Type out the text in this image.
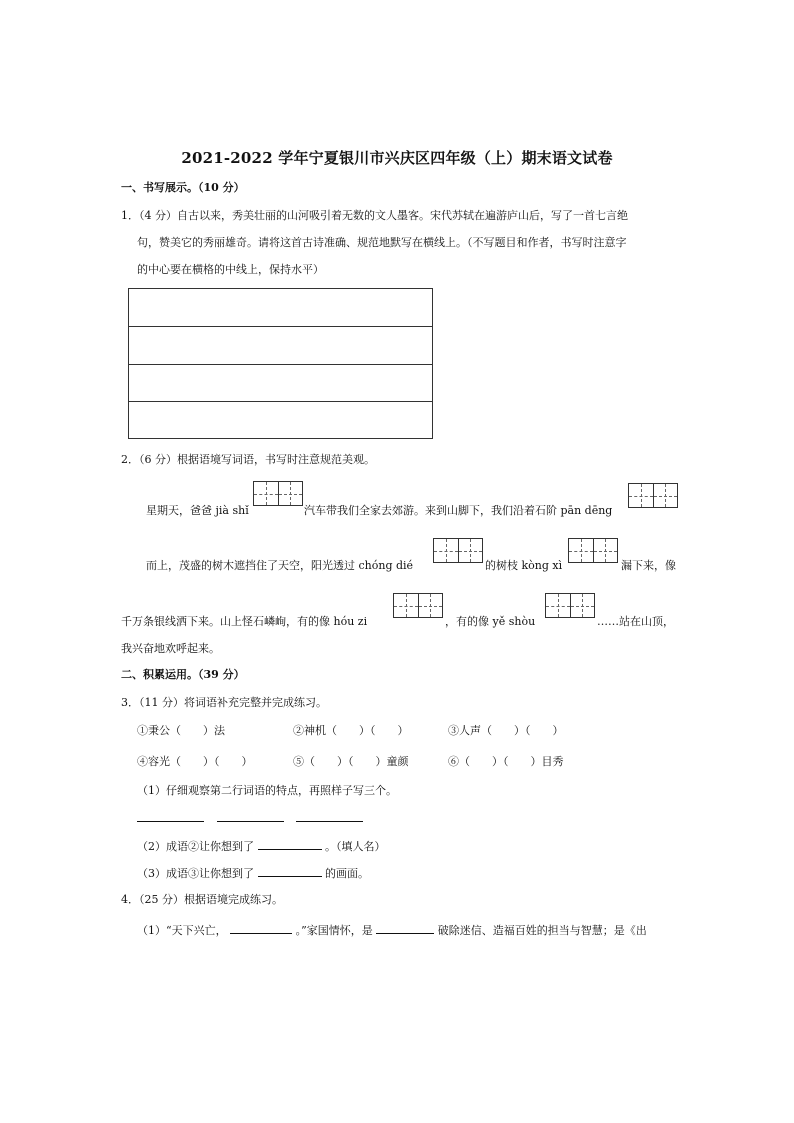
2021-2022 学年宁夏银川市兴庆区四年级（上）期末语文试卷
一、书写展示。（10 分）
1．（4 分）自古以来，秀美壮丽的山河吸引着无数的文人墨客。宋代苏轼在遍游庐山后，写了一首七言绝
句，赞美它的秀丽雄奇。请将这首古诗准确、规范地默写在横线上。（不写题目和作者，书写时注意字
的中心要在横格的中线上，保持水平）
2．（6 分）根据语境写词语，书写时注意规范美观。
星期天，爸爸 jià shǐ	汽车带我们全家去郊游。来到山脚下，我们沿着石阶 pān dēng
而上，茂盛的树木遮挡住了天空，阳光透过 chóng dié	的树枝 kòng xì	漏下来，像
千万条银线洒下来。山上怪石嶙峋，有的像 hóu zi	，有的像 yě shòu	……站在山顶，
我兴奋地欢呼起来。
二、积累运用。（39 分）
3．（11 分）将词语补充完整并完成练习。
①秉公（　　）法	②神机（　　）（　　）	③人声（　　）（　　）
④容光（　　）（　　）	⑤（　　）（　　）童颜	⑥（　　）（　　）目秀
（1）仔细观察第二行词语的特点，再照样子写三个。
（2）成语②让你想到了	。（填人名）
（3）成语③让你想到了	的画面。
4．（25 分）根据语境完成练习。
（1）“天下兴亡，	。”家国情怀，是	破除迷信、造福百姓的担当与智慧；是《出
